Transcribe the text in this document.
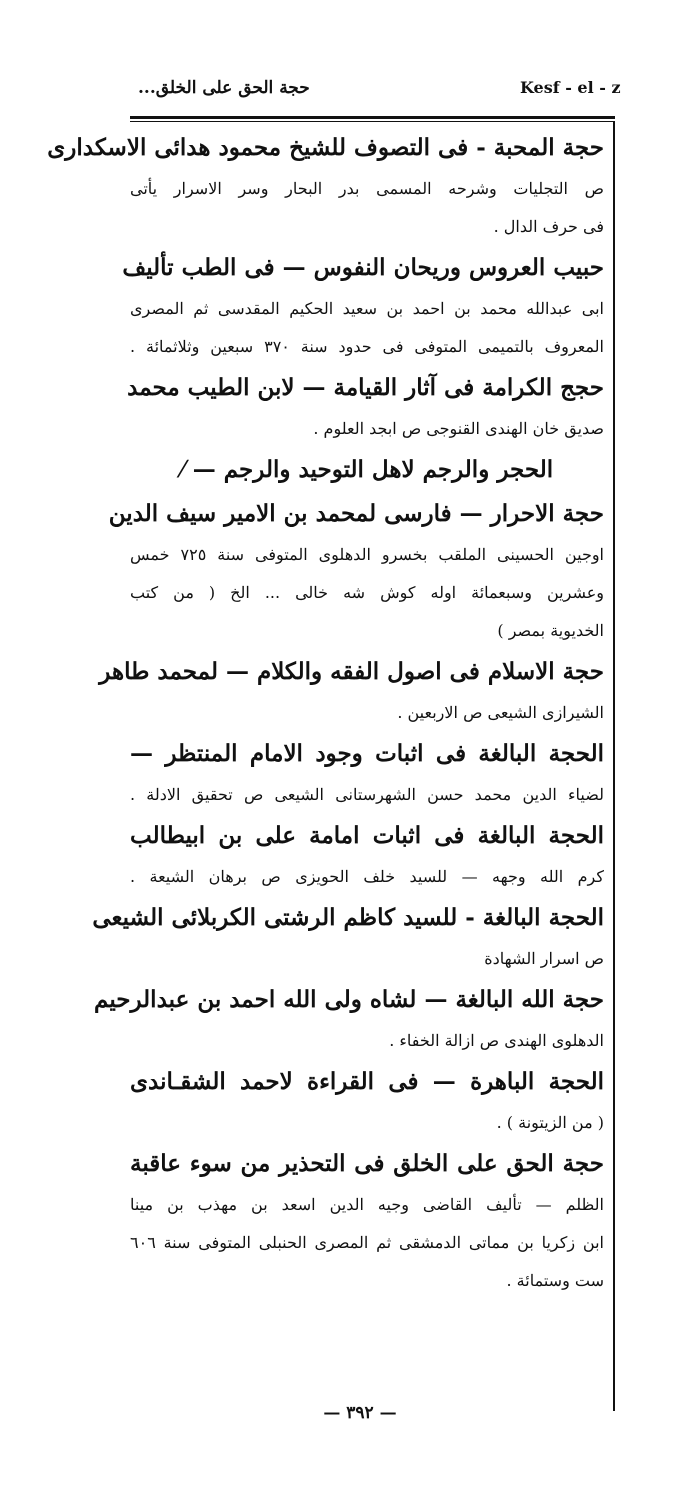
حجة الحق على الخلق...	Kesf - el - z
حجة المحبة - فى التصوف للشيخ محمود هدائى الاسكدارى
ص التجليات وشرحه المسمى بدر البحار وسر الاسرار يأتى
فى حرف الدال .
حبيب العروس وريحان النفوس — فى الطب تأليف
ابى عبدالله محمد بن احمد بن سعيد الحكيم المقدسى ثم المصرى
المعروف بالتميمى المتوفى فى حدود سنة ٣٧٠ سبعين وثلاثمائة .
حجج الكرامة فى آثار القيامة — لابن الطيب محمد
صديق خان الهندى القنوجى ص ابجد العلوم .
الحجر والرجم لاهل التوحيد والرجم — ⁄
حجة الاحرار — فارسى لمحمد بن الامير سيف الدين
اوجين الحسينى الملقب بخسرو الدهلوى المتوفى سنة ٧٢٥ خمس
وعشرين وسبعمائة اوله كوش شه خالى ... الخ ( من كتب
الخديوية بمصر )
حجة الاسلام فى اصول الفقه والكلام — لمحمد طاهر
الشيرازى الشيعى ص الاربعين .
الحجة البالغة فى اثبات وجود الامام المنتظر —
لضياء الدين محمد حسن الشهرستانى الشيعى ص تحقيق الادلة .
الحجة البالغة فى اثبات امامة على بن ابيطالب
كرم الله وجهه — للسيد خلف الحويزى ص برهان الشيعة .
الحجة البالغة - للسيد كاظم الرشتى الكربلائى الشيعى
ص اسرار الشهادة
حجة الله البالغة — لشاه ولى الله احمد بن عبدالرحيم
الدهلوى الهندى ص ازالة الخفاء .
الحجة الباهرة — فى القراءة لاحمد الشقـاندى
( من الزيتونة ) .
حجة الحق على الخلق فى التحذير من سوء عاقبة
الظلم — تأليف القاضى وجيه الدين اسعد بن مهذب بن مينا
ابن زكريا بن مماتى الدمشقى ثم المصرى الحنبلى المتوفى سنة ٦٠٦
ست وستمائة .
— ٣٩٢ —
